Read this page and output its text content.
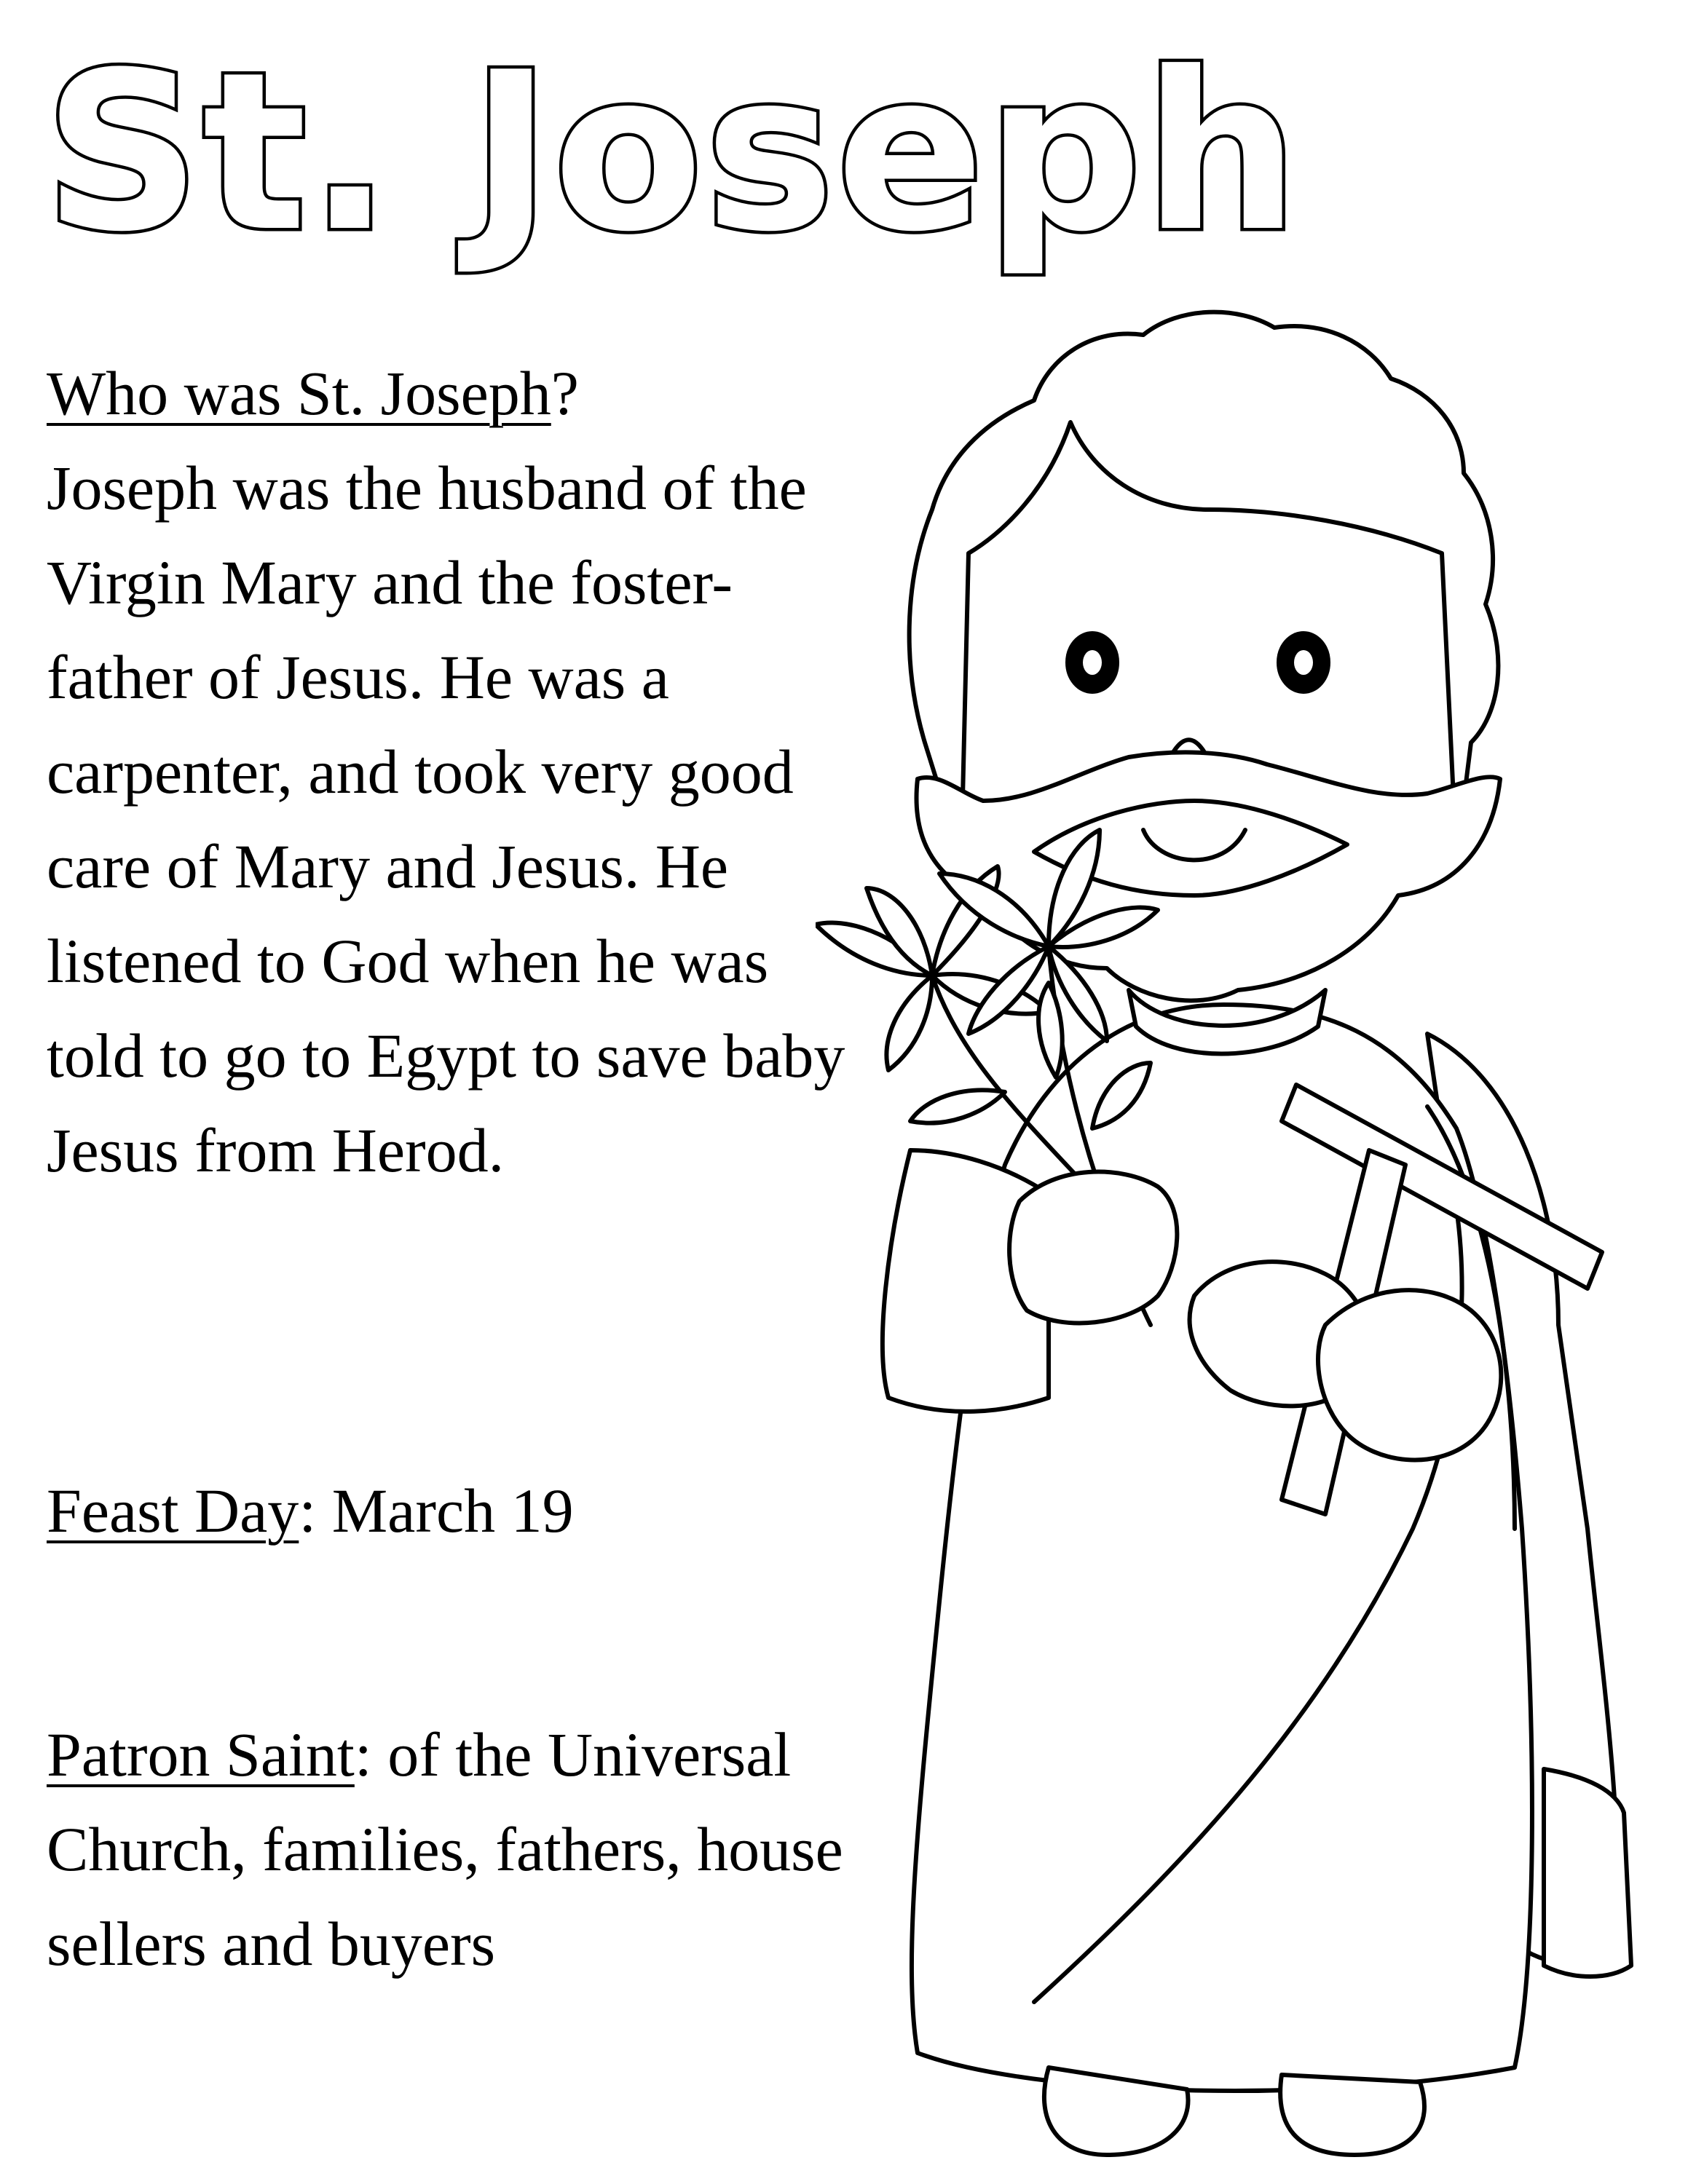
St. Joseph
Who was St. Joseph?
Joseph was the husband of the Virgin Mary and the foster-father of Jesus. He was a carpenter, and took very good care of Mary and Jesus. He listened to God when he was told to go to Egypt to save baby Jesus from Herod.
Feast Day: March 19
Patron Saint: of the Universal Church, families, fathers, house sellers and buyers
